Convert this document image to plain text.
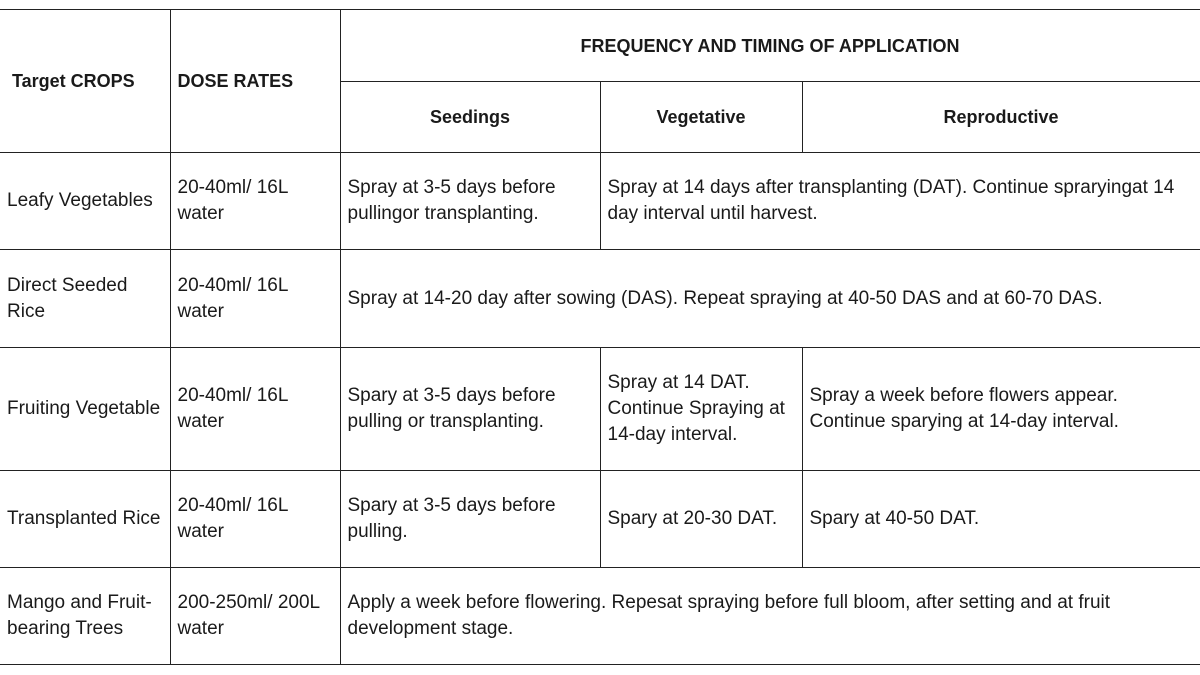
Target CROPS	DOSE RATES	FREQUENCY AND TIMING OF APPLICATION		
		Seedings	Vegetative	Reproductive
Leafy Vegetables	20-40ml/ 16L water	Spray at 3-5 days before pullingor transplanting.	Spray at 14 days after transplanting (DAT). Continue spraryingat 14 day interval until harvest.	
Direct Seeded Rice	20-40ml/ 16L water	Spray at 14-20 day after sowing (DAS). Repeat spraying at 40-50 DAS and at 60-70 DAS.		
Fruiting Vegetable	20-40ml/ 16L water	Spary at 3-5 days before pulling or transplanting.	Spray at 14 DAT. Continue Spraying at 14-day interval.	Spray a week before flowers appear. Continue sparying at 14-day interval.
Transplanted Rice	20-40ml/ 16L water	Spary at 3-5 days before pulling.	Spary at 20-30 DAT.	Spary at 40-50 DAT.
Mango and Fruit-bearing Trees	200-250ml/ 200L water	Apply a week before flowering. Repesat spraying before full bloom, after setting and at fruit development stage.		
